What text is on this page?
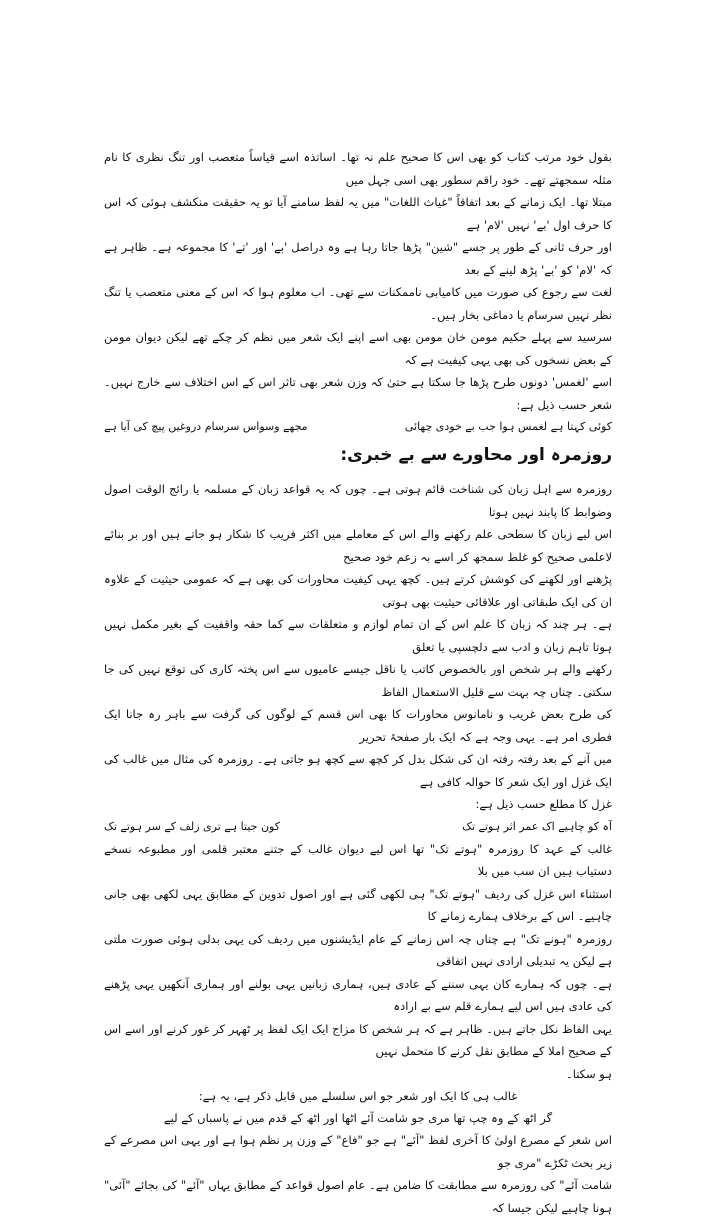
بقول خود مرتب کتاب کو بھی اس کا صحیح علم نہ تھا۔ اساتذہ اسے قیاساً متعصب اور تنگ نظری کا نام مثلہ سمجھتے تھے۔ خود راقم سطور بھی اسی جہل میں

مبتلا تھا۔ ایک زمانے کے بعد اتفاقاً "غیاث اللغات" میں یہ لفظ سامنے آیا تو یہ حقیقت منکشف ہوئی کہ اس کا حرف اول 'بے' نہیں 'لام' ہے

اور حرف ثانی کے طور پر جسے "شین" پڑھا جاتا رہا ہے وہ دراصل 'بے' اور 'تے' کا مجموعہ ہے۔ ظاہر ہے کہ 'لام' کو 'بے' پڑھ لینے کے بعد

لغت سے رجوع کی صورت میں کامیابی ناممکنات سے تھی۔ اب معلوم ہوا کہ اس کے معنی متعصب یا تنگ نظر نہیں سرسام یا دماغی بخار ہیں۔

سرسید سے پہلے حکیم مومن خان مومن بھی اسے اپنے ایک شعر میں نظم کر چکے تھے لیکن دیوان مومن کے بعض نسخوں کی بھی یہی کیفیت ہے کہ

اسے 'لغمس' دونوں طرح پڑھا جا سکتا ہے حتیٰ کہ وزن شعر بھی تاثر اس کے اس اختلاف سے خارج نہیں۔ شعر حسب ذیل ہے:

کوئی کہتا ہے لغمس ہوا جب بے خودی چھائی
مجھے وسواس سرسام دروغیں پیچ کی آیا ہے
روزمرہ اور محاورے سے بے خبری:

روزمرہ سے اہل زبان کی شناخت قائم ہوتی ہے۔ چوں کہ یہ قواعد زبان کے مسلمہ یا رائج الوقت اصول وضوابط کا پابند نہیں ہوتا

اس لیے زبان کا سطحی علم رکھنے والے اس کے معاملے میں اکثر فریب کا شکار ہو جاتے ہیں اور بر بنائے لاعلمی صحیح کو غلط سمجھ کر اسے بہ زعم خود صحیح

پڑھنے اور لکھنے کی کوشش کرتے ہیں۔ کچھ یہی کیفیت محاورات کی بھی ہے کہ عمومی حیثیت کے علاوہ ان کی ایک طبقاتی اور علاقائی حیثیت بھی ہوتی

ہے۔ ہر چند کہ زبان کا علم اس کے ان تمام لوازم و متعلقات سے کما حقہ واقفیت کے بغیر مکمل نہیں ہوتا تاہم زبان و ادب سے دلچسپی یا تعلق

رکھنے والے ہر شخص اور بالخصوص کاتب یا ناقل جیسے عامیوں سے اس پختہ کاری کی توقع نہیں کی جا سکتی۔ چناں چہ بہت سے قلیل الاستعمال الفاظ

کی طرح بعض غریب و نامانوس محاورات کا بھی اس قسم کے لوگوں کی گرفت سے باہر رہ جانا ایک فطری امر ہے۔ یہی وجہ ہے کہ ایک بار صفحۂ تحریر

میں آنے کے بعد رفتہ رفتہ ان کی شکل بدل کر کچھ سے کچھ ہو جاتی ہے۔ روزمرہ کی مثال میں غالب کی ایک غزل اور ایک شعر کا حوالہ کافی ہے

غزل کا مطلع حسب ذیل ہے:

آہ کو چاہیے اک عمر اثر ہوتے تک
کون جیتا ہے تری زلف کے سر ہوتے تک

غالب کے عہد کا روزمرہ "ہوتے تک" تھا اس لیے دیوان غالب کے جتنے معتبر قلمی اور مطبوعہ نسخے دستیاب ہیں ان سب میں بلا

استثناء اس غزل کی ردیف "ہوتے تک" ہی لکھی گئی ہے اور اصول تدوین کے مطابق یہی لکھی بھی جانی چاہیے۔ اس کے برخلاف ہمارے زمانے کا

روزمرہ "ہونے تک" ہے چناں چہ اس زمانے کے عام ایڈیشنوں میں ردیف کی یہی بدلی ہوئی صورت ملتی ہے لیکن یہ تبدیلی ارادی نہیں اتفاقی

ہے۔ چوں کہ ہمارے کان یہی سننے کے عادی ہیں، ہماری زبانیں یہی بولنے اور ہماری آنکھیں یہی پڑھنے کی عادی ہیں اس لیے ہمارے قلم سے بے ارادہ

یہی الفاظ نکل جاتے ہیں۔ ظاہر ہے کہ ہر شخص کا مزاج ایک ایک لفظ پر ٹھہر کر غور کرنے اور اسے اس کے صحیح املا کے مطابق نقل کرنے کا متحمل نہیں

ہو سکتا۔

غالب ہی کا ایک اور شعر جو اس سلسلے میں قابل ذکر ہے، یہ ہے:
گر اٹھ کے وہ چپ تھا مری جو شامت آئے اٹھا اور اٹھ کے قدم میں نے پاسباں کے لیے

اس شعر کے مصرع اولیٰ کا آخری لفظ "آئے" ہے جو "فاع" کے وزن پر نظم ہوا ہے اور یہی اس مصرعے کے زیر بحث ٹکڑے "مری جو

شامت آئے" کی روزمرہ سے مطابقت کا ضامن ہے۔ عام اصول قواعد کے مطابق یہاں "آئے" کی بجائے "آئی" ہونا چاہیے لیکن جیسا کہ
